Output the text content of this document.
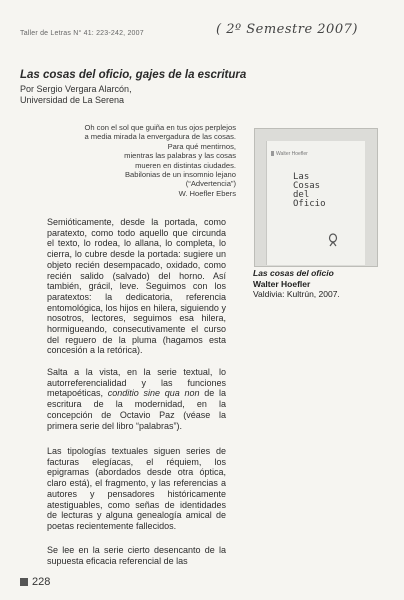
Taller de Letras N° 41: 223-242, 2007	( 2º Semestre 2007)
Las cosas del oficio, gajes de la escritura
Por Sergio Vergara Alarcón,
Universidad de La Serena
Oh con el sol que guiña en tus ojos perplejos
a media mirada la envergadura de las cosas.
Para qué mentirnos,
mientras las palabras y las cosas
mueren en distintas ciudades.
Babilonias de un insomnio lejano
(“Advertencia”)
W. Hoefler Ebers
Walter Hoefler
Las
Cosas
del
Oficio
Las cosas del oficio
Walter Hoefler
Valdivia: Kultrún, 2007.
Semióticamente, desde la portada, como paratexto, como todo aquello que circunda el texto, lo rodea, lo allana, lo completa, lo cierra, lo cubre desde la portada: sugiere un objeto recién desempacado, oxidado, como recién salido (salvado) del horno. Así también, grácil, leve. Seguimos con los paratextos: la dedicatoria, referencia entomológica, los hijos en hilera, siguiendo y nosotros, lectores, seguimos esa hilera, hormigueando, consecutivamente el curso del reguero de la pluma (hagamos esta concesión a la retórica).
Salta a la vista, en la serie textual, lo autorreferencialidad y las funciones metapoéticas, conditio sine qua non de la escritura de la modernidad, en la concepción de Octavio Paz (véase la primera serie del libro “palabras”).
Las tipologías textuales siguen series de facturas elegíacas, el réquiem, los epigramas (abordados desde otra óptica, claro está), el fragmento, y las referencias a autores y pensadores históricamente atestiguables, como señas de identidades de lecturas y alguna genealogía amical de poetas recientemente fallecidos.
Se lee en la serie cierto desencanto de la supuesta eficacia referencial de las
228
